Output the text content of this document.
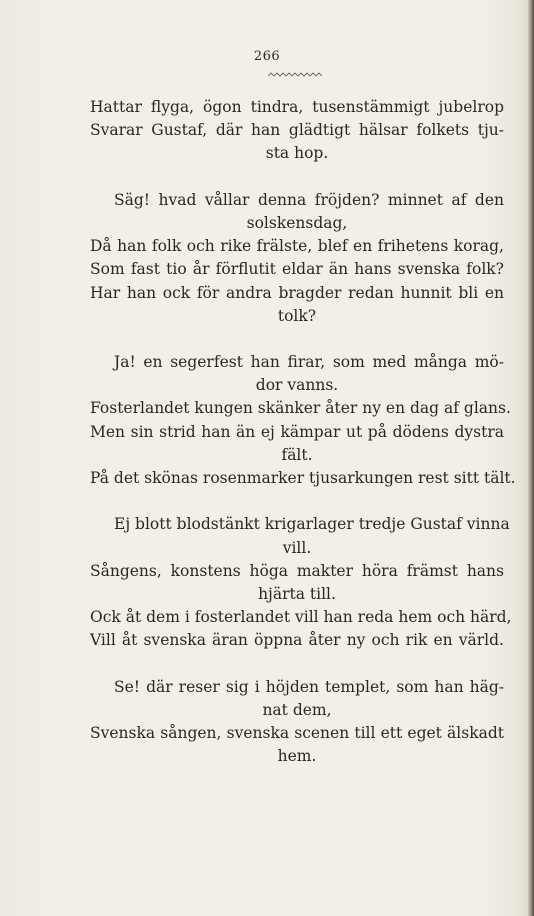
266
Hattar flyga, ögon tindra, tusenstämmigt jubelrop
Svarar Gustaf, där han glädtigt hälsar folkets tju-
sta hop.
Säg! hvad vållar denna fröjden? minnet af den
solskensdag,
Då han folk och rike frälste, blef en frihetens korag,
Som fast tio år förflutit eldar än hans svenska folk?
Har han ock för andra bragder redan hunnit bli en
tolk?
Ja! en segerfest han firar, som med många mö-
dor vanns.
Fosterlandet kungen skänker åter ny en dag af glans.
Men sin strid han än ej kämpar ut på dödens dystra
fält.
På det skönas rosenmarker tjusarkungen rest sitt tält.
Ej blott blodstänkt krigarlager tredje Gustaf vinna
vill.
Sångens, konstens höga makter höra främst hans
hjärta till.
Ock åt dem i fosterlandet vill han reda hem och härd,
Vill åt svenska äran öppna åter ny och rik en värld.
Se! där reser sig i höjden templet, som han häg-
nat dem,
Svenska sången, svenska scenen till ett eget älskadt
hem.
